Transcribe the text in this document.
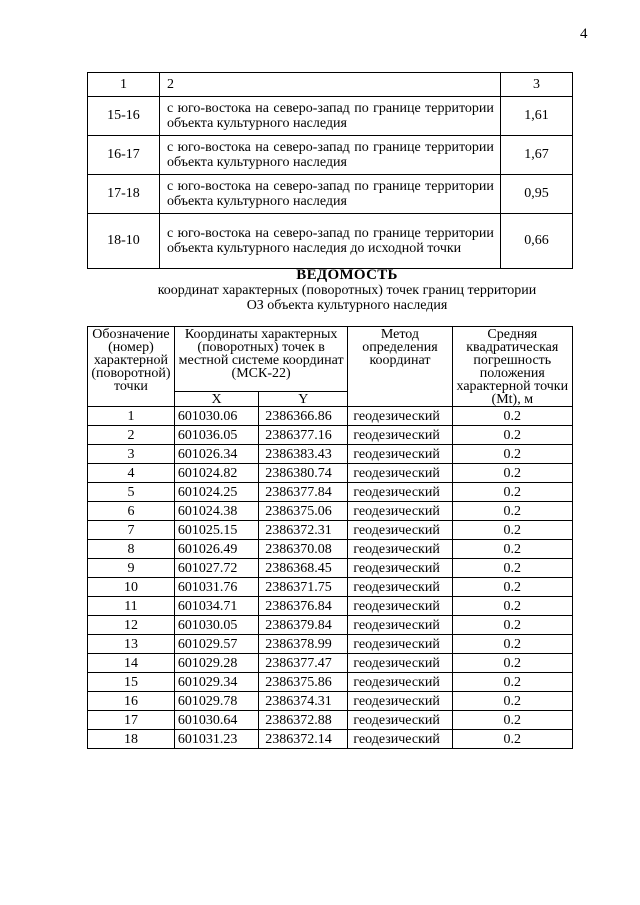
4
1	2	3
15-16	с юго-востока на северо-запад по границе территории объекта культурного наследия	1,61
16-17	с юго-востока на северо-запад по границе территории объекта культурного наследия	1,67
17-18	с юго-востока на северо-запад по границе территории объекта культурного наследия	0,95
18-10	с юго-востока на северо-запад по границе территории объекта культурного наследия до исходной точки	0,66
ВЕДОМОСТЬ
координат характерных (поворотных) точек границ территории
ОЗ объекта культурного наследия
Обозначение (номер) характерной (поворотной) точки	Координаты характерных (поворотных) точек в местной системе координат (МСК-22)		Метод определения координат	Средняя квадратическая погрешность положения характерной точки (Mt), м
	X	Y		
1	601030.06	2386366.86	геодезический	0.2
2	601036.05	2386377.16	геодезический	0.2
3	601026.34	2386383.43	геодезический	0.2
4	601024.82	2386380.74	геодезический	0.2
5	601024.25	2386377.84	геодезический	0.2
6	601024.38	2386375.06	геодезический	0.2
7	601025.15	2386372.31	геодезический	0.2
8	601026.49	2386370.08	геодезический	0.2
9	601027.72	2386368.45	геодезический	0.2
10	601031.76	2386371.75	геодезический	0.2
11	601034.71	2386376.84	геодезический	0.2
12	601030.05	2386379.84	геодезический	0.2
13	601029.57	2386378.99	геодезический	0.2
14	601029.28	2386377.47	геодезический	0.2
15	601029.34	2386375.86	геодезический	0.2
16	601029.78	2386374.31	геодезический	0.2
17	601030.64	2386372.88	геодезический	0.2
18	601031.23	2386372.14	геодезический	0.2
